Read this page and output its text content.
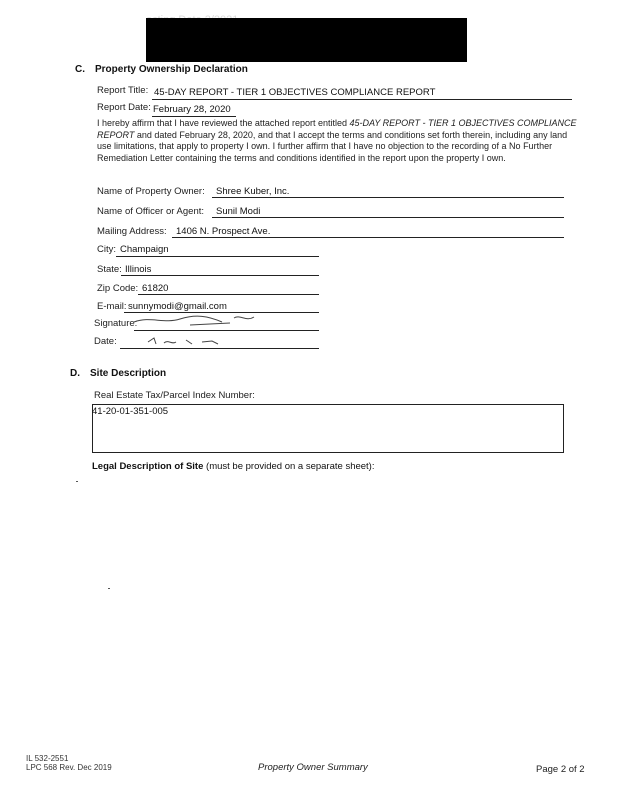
C. Property Ownership Declaration
Report Title: 45-DAY REPORT - TIER 1 OBJECTIVES COMPLIANCE REPORT
Report Date: February 28, 2020
I hereby affirm that I have reviewed the attached report entitled 45-DAY REPORT - TIER 1 OBJECTIVES COMPLIANCE REPORT and dated February 28, 2020, and that I accept the terms and conditions set forth therein, including any land use limitations, that apply to property I own. I further affirm that I have no objection to the recording of a No Further Remediation Letter containing the terms and conditions identified in the report upon the property I own.
Name of Property Owner: Shree Kuber, Inc.
Name of Officer or Agent: Sunil Modi
Mailing Address: 1406 N. Prospect Ave.
City: Champaign
State: Illinois
Zip Code: 61820
E-mail: sunnymodi@gmail.com
Signature:
Date:
D. Site Description
Real Estate Tax/Parcel Index Number:
41-20-01-351-005
Legal Description of Site (must be provided on a separate sheet):
IL 532-2551
LPC 568 Rev. Dec 2019	Property Owner Summary	Page 2 of 2
